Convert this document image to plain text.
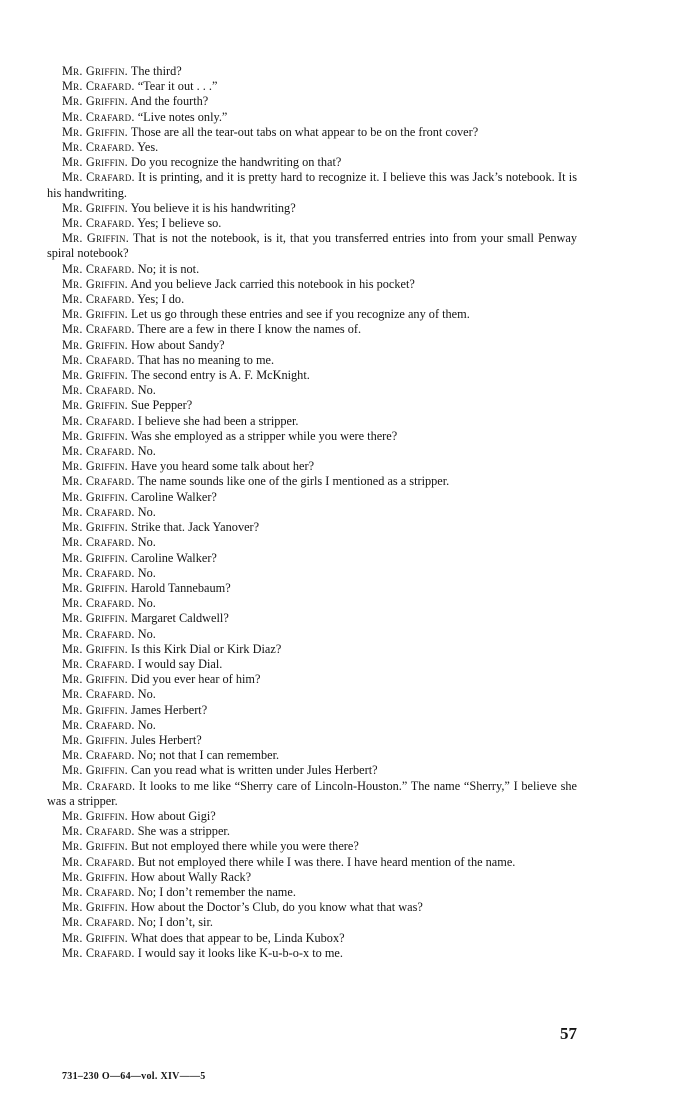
Mr. Griffin. The third?

Mr. Crafard. “Tear it out . . .”

Mr. Griffin. And the fourth?

Mr. Crafard. “Live notes only.”

Mr. Griffin. Those are all the tear-out tabs on what appear to be on the front cover?

Mr. Crafard. Yes.

Mr. Griffin. Do you recognize the handwriting on that?

Mr. Crafard. It is printing, and it is pretty hard to recognize it. I believe this was Jack’s notebook. It is his handwriting.

Mr. Griffin. You believe it is his handwriting?

Mr. Crafard. Yes; I believe so.

Mr. Griffin. That is not the notebook, is it, that you transferred entries into from your small Penway spiral notebook?

Mr. Crafard. No; it is not.

Mr. Griffin. And you believe Jack carried this notebook in his pocket?

Mr. Crafard. Yes; I do.

Mr. Griffin. Let us go through these entries and see if you recognize any of them.

Mr. Crafard. There are a few in there I know the names of.

Mr. Griffin. How about Sandy?

Mr. Crafard. That has no meaning to me.

Mr. Griffin. The second entry is A. F. McKnight.

Mr. Crafard. No.

Mr. Griffin. Sue Pepper?

Mr. Crafard. I believe she had been a stripper.

Mr. Griffin. Was she employed as a stripper while you were there?

Mr. Crafard. No.

Mr. Griffin. Have you heard some talk about her?

Mr. Crafard. The name sounds like one of the girls I mentioned as a stripper.

Mr. Griffin. Caroline Walker?

Mr. Crafard. No.

Mr. Griffin. Strike that. Jack Yanover?

Mr. Crafard. No.

Mr. Griffin. Caroline Walker?

Mr. Crafard. No.

Mr. Griffin. Harold Tannebaum?

Mr. Crafard. No.

Mr. Griffin. Margaret Caldwell?

Mr. Crafard. No.

Mr. Griffin. Is this Kirk Dial or Kirk Diaz?

Mr. Crafard. I would say Dial.

Mr. Griffin. Did you ever hear of him?

Mr. Crafard. No.

Mr. Griffin. James Herbert?

Mr. Crafard. No.

Mr. Griffin. Jules Herbert?

Mr. Crafard. No; not that I can remember.

Mr. Griffin. Can you read what is written under Jules Herbert?

Mr. Crafard. It looks to me like “Sherry care of Lincoln-Houston.” The name “Sherry,” I believe she was a stripper.

Mr. Griffin. How about Gigi?

Mr. Crafard. She was a stripper.

Mr. Griffin. But not employed there while you were there?

Mr. Crafard. But not employed there while I was there. I have heard mention of the name.

Mr. Griffin. How about Wally Rack?

Mr. Crafard. No; I don’t remember the name.

Mr. Griffin. How about the Doctor’s Club, do you know what that was?

Mr. Crafard. No; I don’t, sir.

Mr. Griffin. What does that appear to be, Linda Kubox?

Mr. Crafard. I would say it looks like K-u-b-o-x to me.

57
731–230 O—64—vol. XIV——5
